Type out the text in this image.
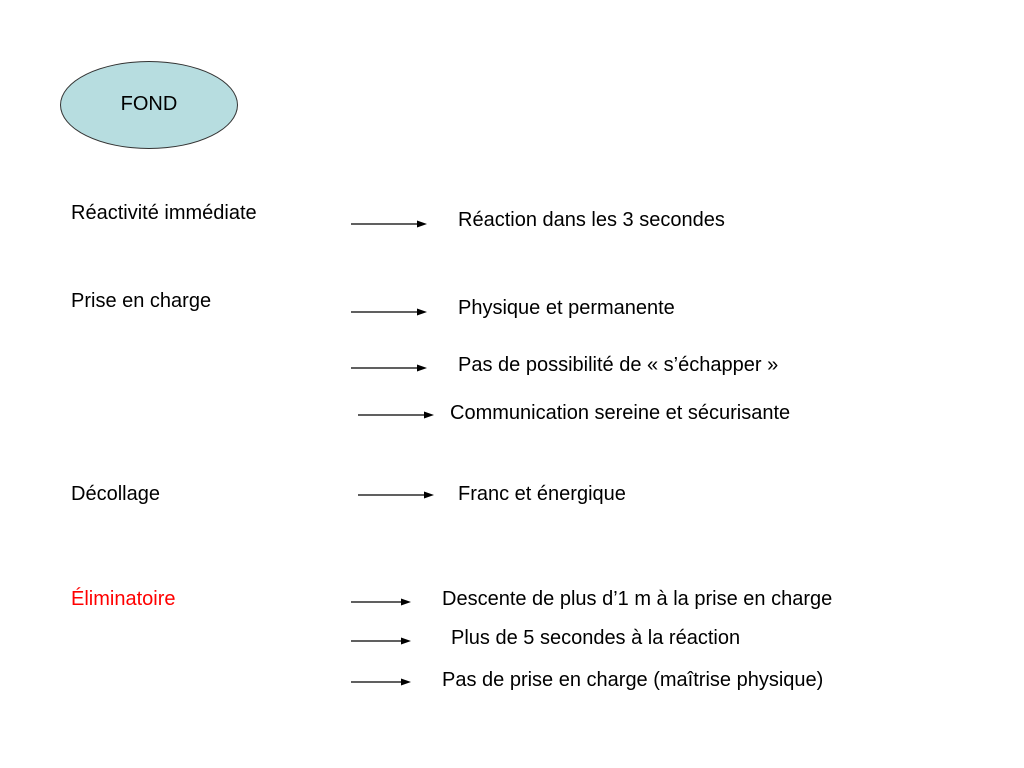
FOND
Réactivité immédiate	Réaction dans les 3 secondes
Prise en charge	Physique et permanente
Pas de possibilité de « s’échapper »
Communication sereine et sécurisante
Décollage	Franc et énergique
Éliminatoire	Descente de plus d’1 m à la prise en charge
Plus de 5 secondes à la réaction
Pas de prise en charge (maîtrise physique)
